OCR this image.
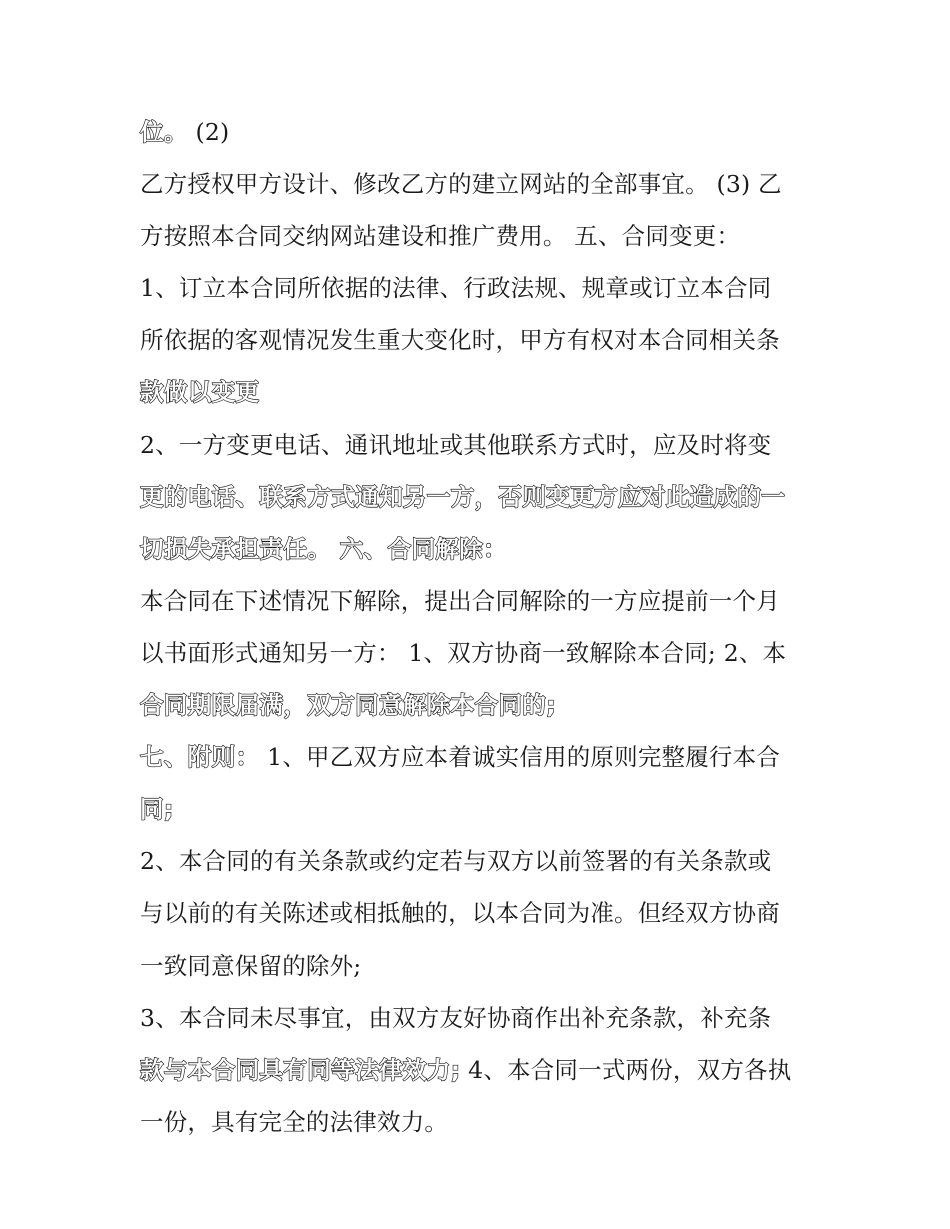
位。 (2)
乙方授权甲方设计、修改乙方的建立网站的全部事宜。 (3) 乙
方按照本合同交纳网站建设和推广费用。 五、合同变更：
1、订立本合同所依据的法律、行政法规、规章或订立本合同
所依据的客观情况发生重大变化时，甲方有权对本合同相关条
款做以变更
2、一方变更电话、通讯地址或其他联系方式时，应及时将变
更的电话、联系方式通知另一方，否则变更方应对此造成的一
切损失承担责任。 六、合同解除：
本合同在下述情况下解除，提出合同解除的一方应提前一个月
以书面形式通知另一方： 1、双方协商一致解除本合同; 2、本
合同期限届满，双方同意解除本合同的;
七、附则： 1、甲乙双方应本着诚实信用的原则完整履行本合
同;
2、本合同的有关条款或约定若与双方以前签署的有关条款或
与以前的有关陈述或相抵触的，以本合同为准。但经双方协商
一致同意保留的除外;
3、本合同未尽事宜，由双方友好协商作出补充条款，补充条
款与本合同具有同等法律效力; 4、本合同一式两份，双方各执
一份，具有完全的法律效力。
